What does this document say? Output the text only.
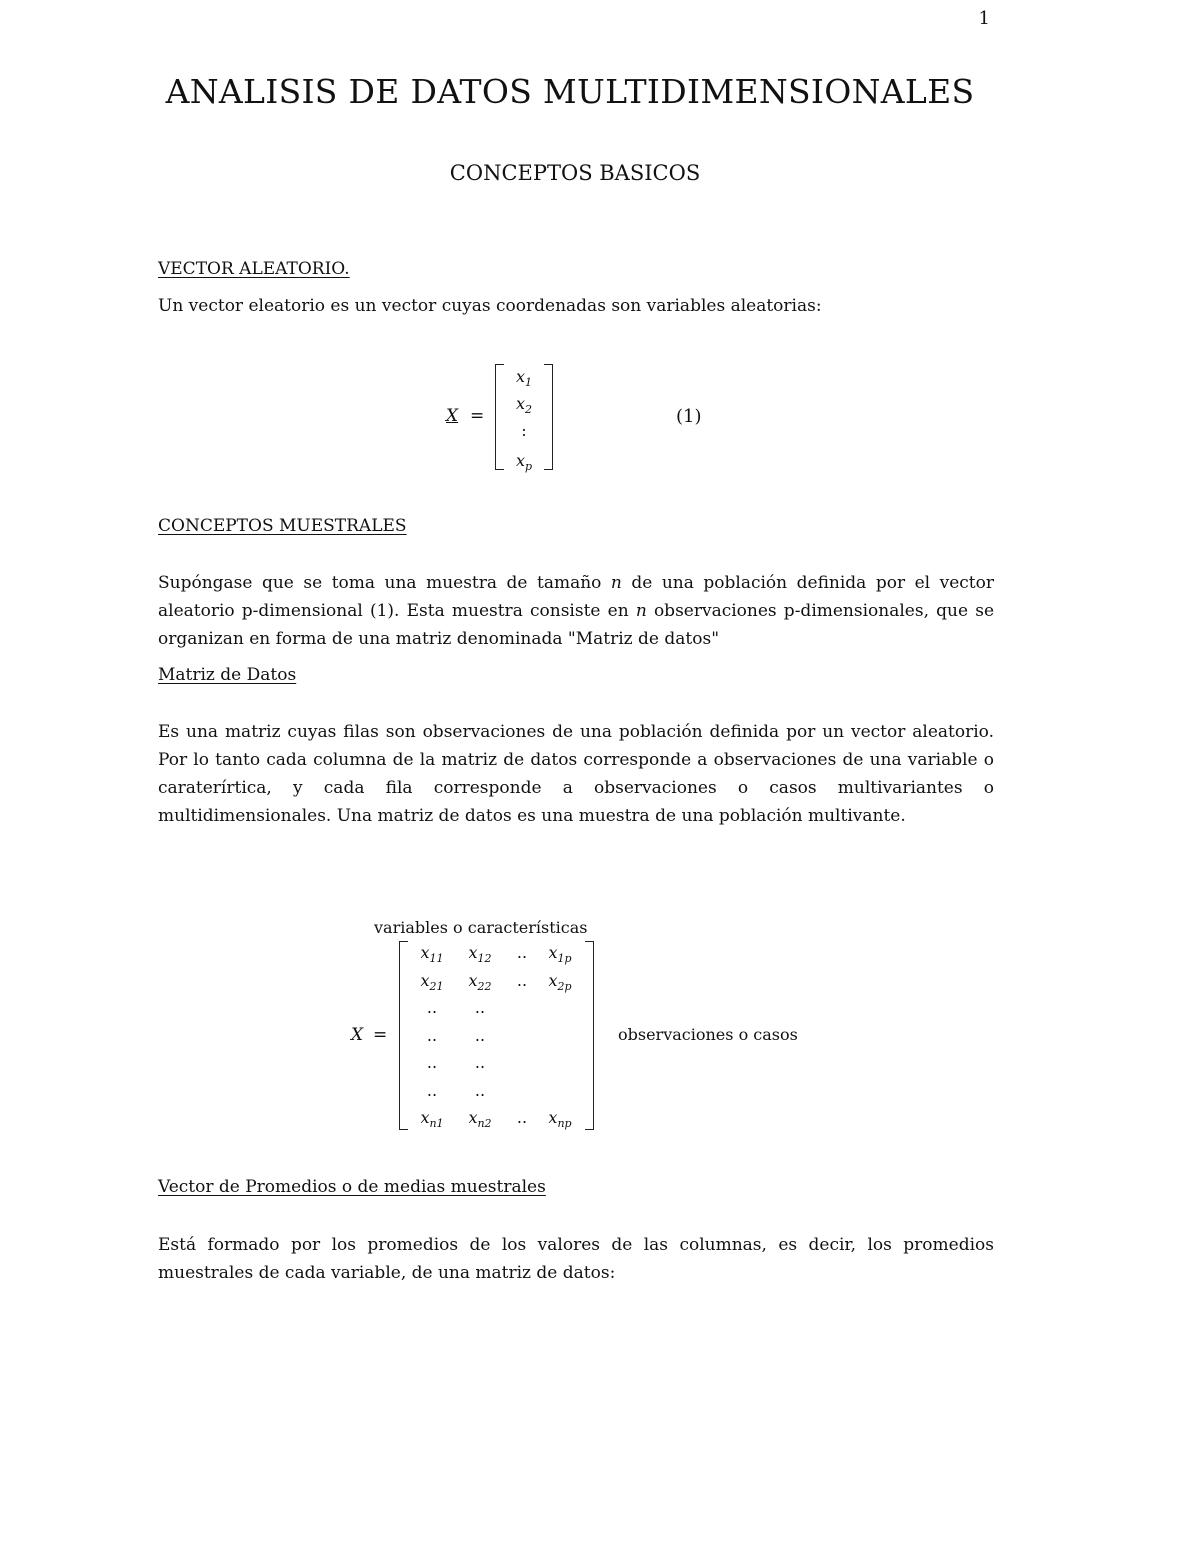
1
ANALISIS DE DATOS MULTIDIMENSIONALES
CONCEPTOS BASICOS
VECTOR ALEATORIO.
Un vector eleatorio es un vector cuyas coordenadas son variables aleatorias:
X =
$x_1$
$x_2$
:
$x_p$
(1)
CONCEPTOS MUESTRALES
Supóngase que se toma una muestra de tamaño n de una población definida por el vector aleatorio p-dimensional (1). Esta muestra consiste en n observaciones p-dimensionales, que se organizan en forma de una matriz denominada "Matriz de datos"
Matriz de Datos
Es una matriz cuyas filas son observaciones de una población definida por un vector aleatorio. Por lo tanto cada columna de la matriz de datos corresponde a observaciones de una variable o caraterírtica, y cada fila corresponde a observaciones o casos multivariantes o multidimensionales. Una matriz de datos es una muestra de una población multivante.
variables o características
X =
$x_{11}$	$x_{12}$	..	$x_{1p}$
$x_{21}$	$x_{22}$	..	$x_{2p}$
..	..
..	..
..	..
..	..
$x_{n1}$	$x_{n2}$	..	$x_{np}$
observaciones o casos
Vector de Promedios o de medias muestrales
Está formado por los promedios de los valores de las columnas, es decir, los promedios muestrales de cada variable, de una matriz de datos:
